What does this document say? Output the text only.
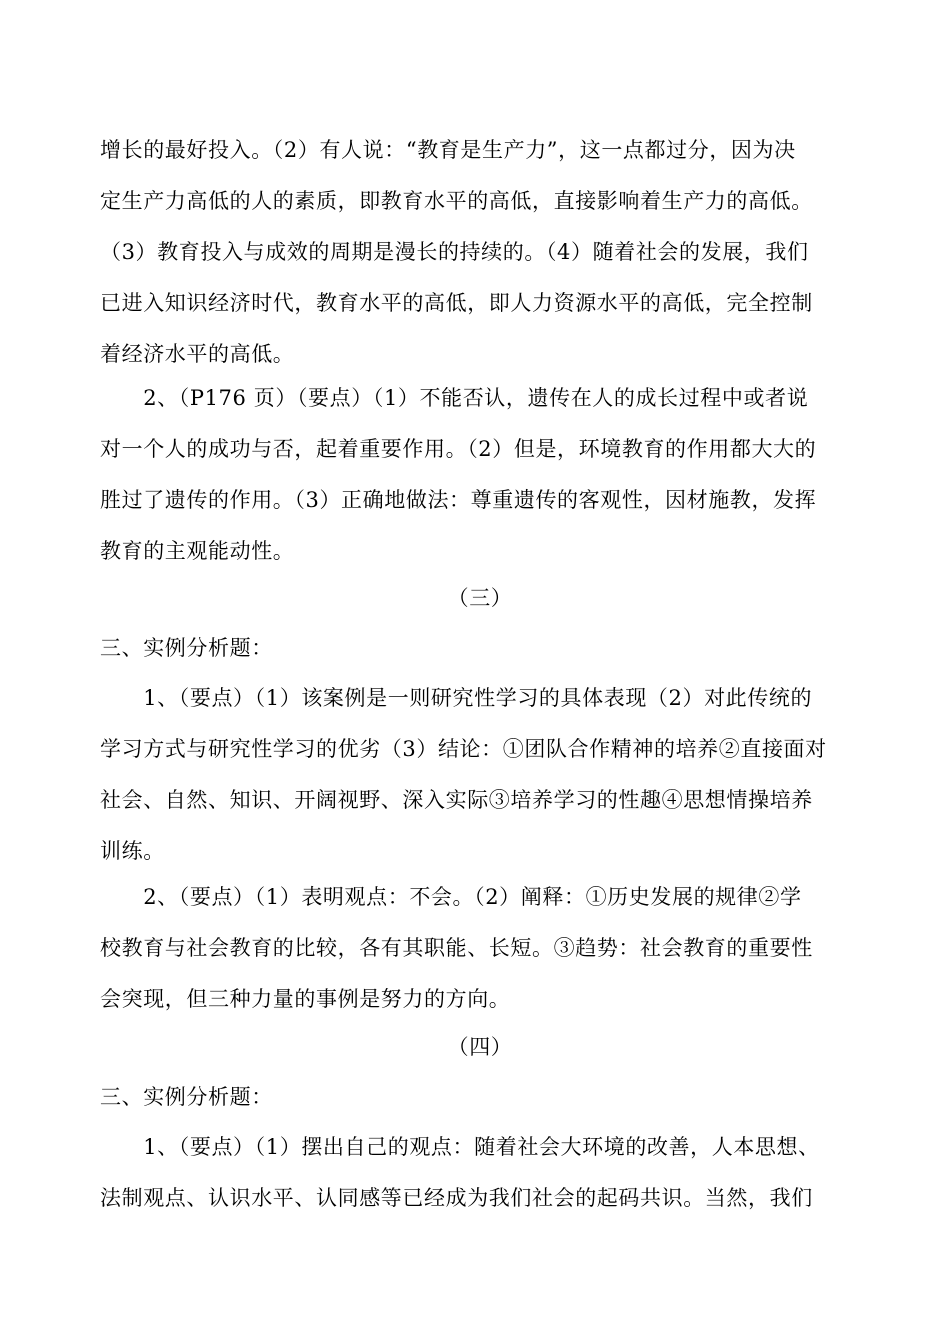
增长的最好投入。（2）有人说：“教育是生产力”，这一点都过分，因为决
定生产力高低的人的素质，即教育水平的高低，直接影响着生产力的高低。
（3）教育投入与成效的周期是漫长的持续的。（4）随着社会的发展，我们
已进入知识经济时代，教育水平的高低，即人力资源水平的高低，完全控制
着经济水平的高低。
　　2、（P176 页）（要点）（1）不能否认，遗传在人的成长过程中或者说
对一个人的成功与否，起着重要作用。（2）但是，环境教育的作用都大大的
胜过了遗传的作用。（3）正确地做法：尊重遗传的客观性，因材施教，发挥
教育的主观能动性。
（三）
三、实例分析题：
　　1、（要点）（1）该案例是一则研究性学习的具体表现（2）对此传统的
学习方式与研究性学习的优劣（3）结论：①团队合作精神的培养②直接面对
社会、自然、知识、开阔视野、深入实际③培养学习的性趣④思想情操培养
训练。
　　2、（要点）（1）表明观点：不会。（2）阐释：①历史发展的规律②学
校教育与社会教育的比较，各有其职能、长短。③趋势：社会教育的重要性
会突现，但三种力量的事例是努力的方向。
（四）
三、实例分析题：
　　1、（要点）（1）摆出自己的观点：随着社会大环境的改善，人本思想、
法制观点、认识水平、认同感等已经成为我们社会的起码共识。当然，我们
